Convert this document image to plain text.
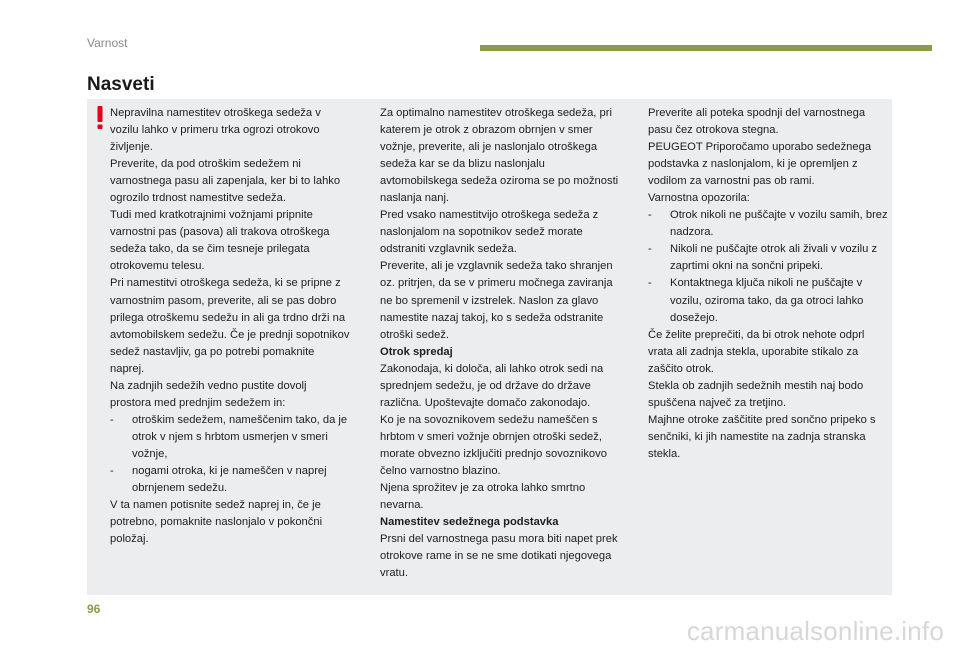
Varnost
Nasveti

Nepravilna namestitev otroškega sedeža v vozilu lahko v primeru trka ogrozi otrokovo življenje.

Preverite, da pod otroškim sedežem ni varnostnega pasu ali zapenjala, ker bi to lahko ogrozilo trdnost namestitve sedeža.

Tudi med kratkotrajnimi vožnjami pripnite varnostni pas (pasova) ali trakova otroškega sedeža tako, da se čim tesneje prilegata otrokovemu telesu.

Pri namestitvi otroškega sedeža, ki se pripne z varnostnim pasom, preverite, ali se pas dobro prilega otroškemu sedežu in ali ga trdno drži na avtomobilskem sedežu. Če je prednji sopotnikov sedež nastavljiv, ga po potrebi pomaknite naprej.

Na zadnjih sedežih vedno pustite dovolj prostora med prednjim sedežem in:

- otroškim sedežem, nameščenim tako, da je otrok v njem s hrbtom usmerjen v smeri vožnje,

- nogami otroka, ki je nameščen v naprej obrnjenem sedežu.

V ta namen potisnite sedež naprej in, če je potrebno, pomaknite naslonjalo v pokončni položaj.

Za optimalno namestitev otroškega sedeža, pri katerem je otrok z obrazom obrnjen v smer vožnje, preverite, ali je naslonjalo otroškega sedeža kar se da blizu naslonjalu avtomobilskega sedeža oziroma se po možnosti naslanja nanj.

Pred vsako namestitvijo otroškega sedeža z naslonjalom na sopotnikov sedež morate odstraniti vzglavnik sedeža.

Preverite, ali je vzglavnik sedeža tako shranjen oz. pritrjen, da se v primeru močnega zaviranja ne bo spremenil v izstrelek. Naslon za glavo namestite nazaj takoj, ko s sedeža odstranite otroški sedež.

Otrok spredaj

Zakonodaja, ki določa, ali lahko otrok sedi na sprednjem sedežu, je od države do države različna. Upoštevajte domačo zakonodajo.

Ko je na sovoznikovem sedežu nameščen s hrbtom v smeri vožnje obrnjen otroški sedež, morate obvezno izključiti prednjo sovoznikovo čelno varnostno blazino.

Njena sprožitev je za otroka lahko smrtno nevarna.

Namestitev sedežnega podstavka

Prsni del varnostnega pasu mora biti napet prek otrokove rame in se ne sme dotikati njegovega vratu.

Preverite ali poteka spodnji del varnostnega pasu čez otrokova stegna.

PEUGEOT Priporočamo uporabo sedežnega podstavka z naslonjalom, ki je opremljen z vodilom za varnostni pas ob rami.

Varnostna opozorila:

- Otrok nikoli ne puščajte v vozilu samih, brez nadzora.

- Nikoli ne puščajte otrok ali živali v vozilu z zaprtimi okni na sončni pripeki.

- Kontaktnega ključa nikoli ne puščajte v vozilu, oziroma tako, da ga otroci lahko dosežejo.

Če želite preprečiti, da bi otrok nehote odprl vrata ali zadnja stekla, uporabite stikalo za zaščito otrok.

Stekla ob zadnjih sedežnih mestih naj bodo spuščena največ za tretjino.

Majhne otroke zaščitite pred sončno pripeko s senčniki, ki jih namestite na zadnja stranska stekla.

96
carmanualsonline.info
